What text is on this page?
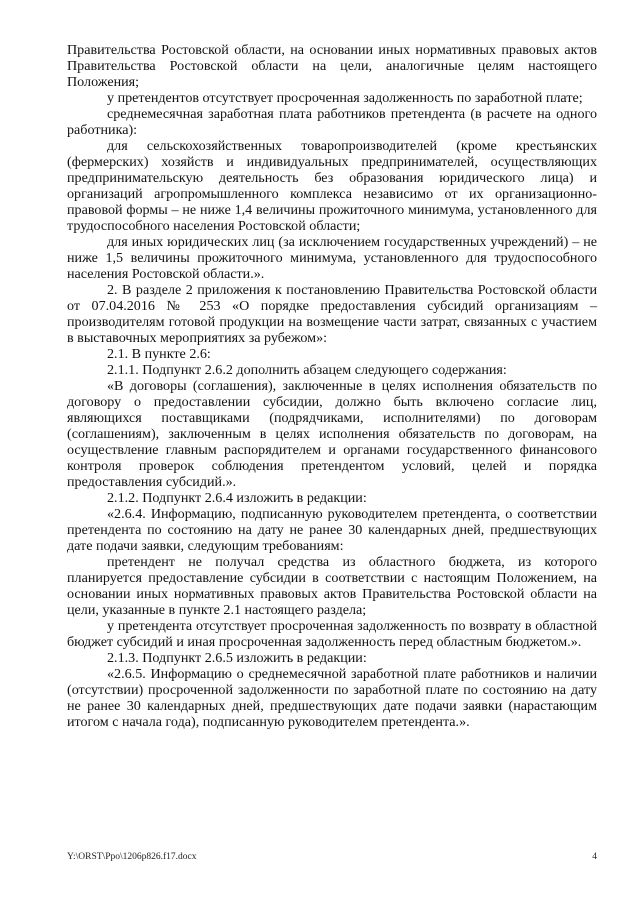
Правительства Ростовской области, на основании иных нормативных правовых актов Правительства Ростовской области на цели, аналогичные целям настоящего Положения;

у претендентов отсутствует просроченная задолженность по заработной плате;

среднемесячная заработная плата работников претендента (в расчете на одного работника):

для сельскохозяйственных товаропроизводителей (кроме крестьянских (фермерских) хозяйств и индивидуальных предпринимателей, осуществляющих предпринимательскую деятельность без образования юридического лица) и организаций агропромышленного комплекса независимо от их организационно-правовой формы – не ниже 1,4 величины прожиточного минимума, установленного для трудоспособного населения Ростовской области;

для иных юридических лиц (за исключением государственных учреждений) – не ниже 1,5 величины прожиточного минимума, установленного для трудоспособного населения Ростовской области.».

2. В разделе 2 приложения к постановлению Правительства Ростовской области от 07.04.2016 № 253 «О порядке предоставления субсидий организациям – производителям готовой продукции на возмещение части затрат, связанных с участием в выставочных мероприятиях за рубежом»:

2.1. В пункте 2.6:

2.1.1. Подпункт 2.6.2 дополнить абзацем следующего содержания:

«В договоры (соглашения), заключенные в целях исполнения обязательств по договору о предоставлении субсидии, должно быть включено согласие лиц, являющихся поставщиками (подрядчиками, исполнителями) по договорам (соглашениям), заключенным в целях исполнения обязательств по договорам, на осуществление главным распорядителем и органами государственного финансового контроля проверок соблюдения претендентом условий, целей и порядка предоставления субсидий.».

2.1.2. Подпункт 2.6.4 изложить в редакции:

«2.6.4. Информацию, подписанную руководителем претендента, о соответствии претендента по состоянию на дату не ранее 30 календарных дней, предшествующих дате подачи заявки, следующим требованиям:

претендент не получал средства из областного бюджета, из которого планируется предоставление субсидии в соответствии с настоящим Положением, на основании иных нормативных правовых актов Правительства Ростовской области на цели, указанные в пункте 2.1 настоящего раздела;

у претендента отсутствует просроченная задолженность по возврату в областной бюджет субсидий и иная просроченная задолженность перед областным бюджетом.».

2.1.3. Подпункт 2.6.5 изложить в редакции:

«2.6.5. Информацию о среднемесячной заработной плате работников и наличии (отсутствии) просроченной задолженности по заработной плате по состоянию на дату не ранее 30 календарных дней, предшествующих дате подачи заявки (нарастающим итогом с начала года), подписанную руководителем претендента.».

Y:\ORST\Ppo\1206p826.f17.docx	4
